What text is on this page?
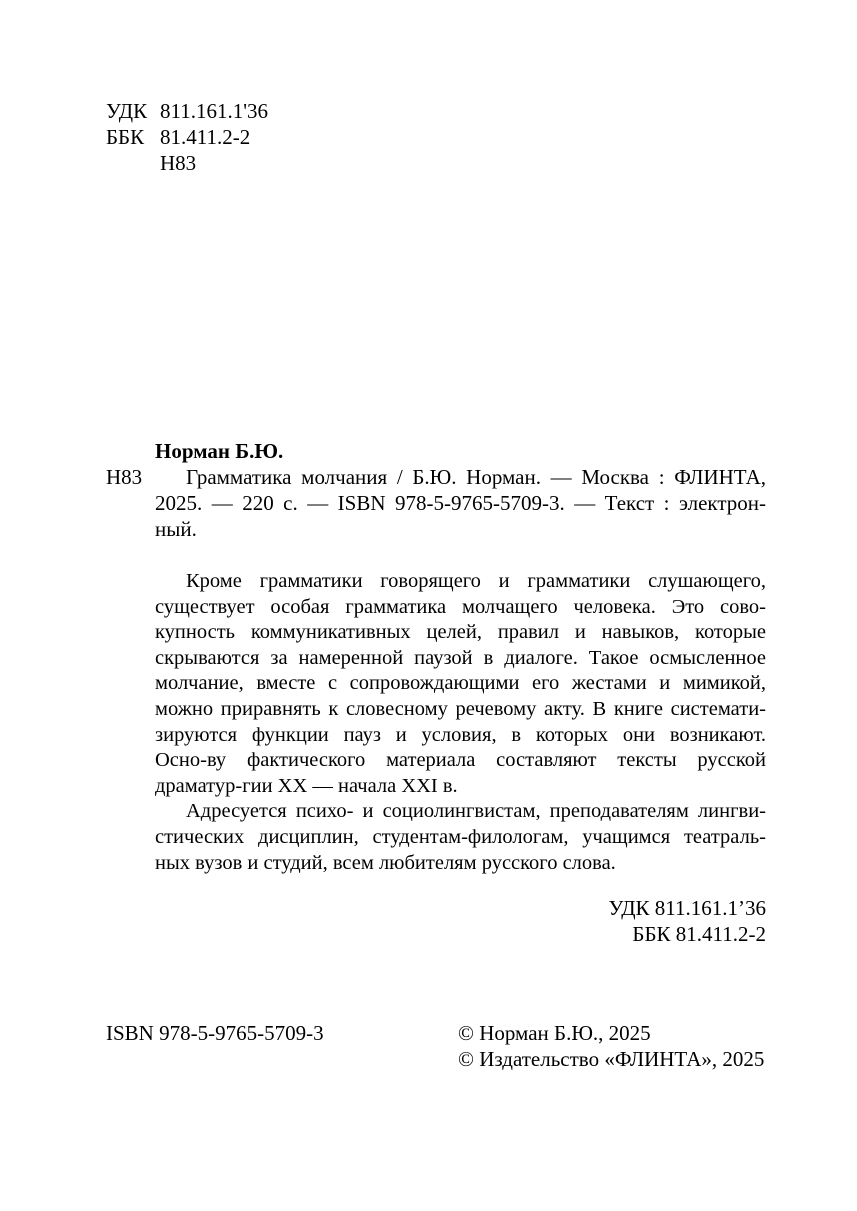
УДК 811.161.1'36
ББК 81.411.2-2
Н83
Норман Б.Ю.
Н83 Грамматика молчания / Б.Ю. Норман. — Москва : ФЛИНТА,
2025. — 220 с. — ISBN 978-5-9765-5709-3. — Текст : электрон-
ный.
Кроме грамматики говорящего и грамматики слушающего,
существует особая грамматика молчащего человека. Это сово-
купность коммуникативных целей, правил и навыков, которые
скрываются за намеренной паузой в диалоге. Такое осмысленное
молчание, вместе с сопровождающими его жестами и мимикой,
можно приравнять к словесному речевому акту. В книге системати-
зируются функции пауз и условия, в которых они возникают.
Осно-ву фактического материала составляют тексты русской
драматур-гии XX — начала XXI в.
Адресуется психо- и социолингвистам, преподавателям лингви-
стических дисциплин, студентам-филологам, учащимся театраль-
ных вузов и студий, всем любителям русского слова.
УДК 811.161.1’36
ББК 81.411.2-2
ISBN 978-5-9765-5709-3	© Норман Б.Ю., 2025
© Издательство «ФЛИНТА», 2025
